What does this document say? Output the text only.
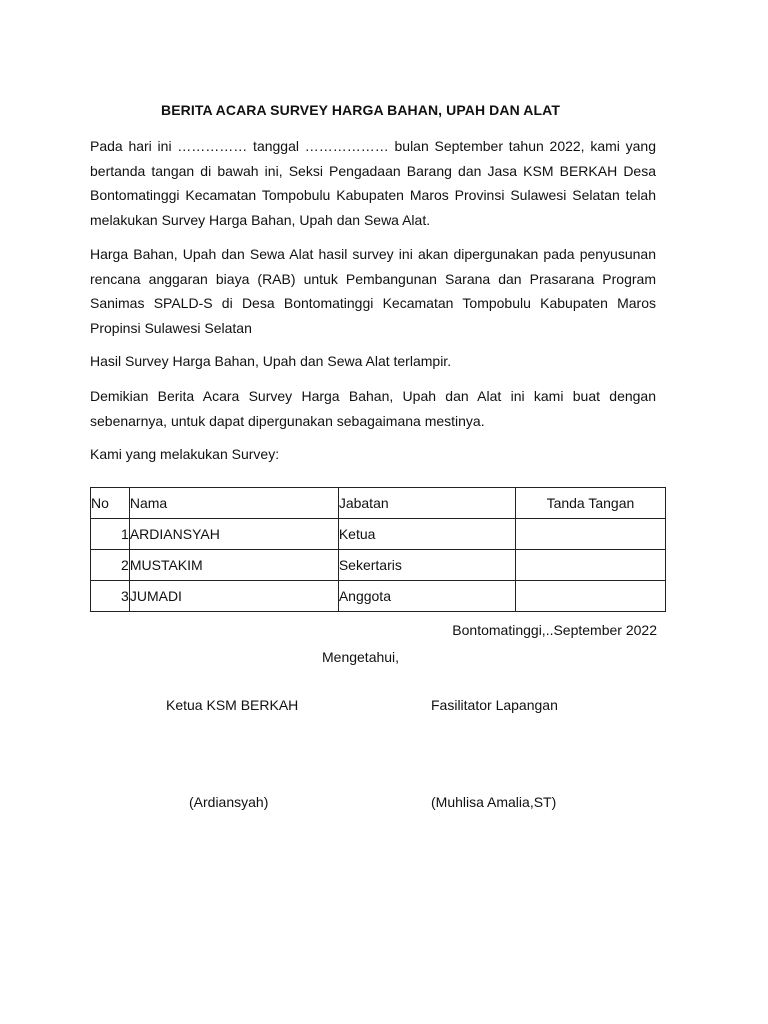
BERITA ACARA SURVEY HARGA BAHAN, UPAH DAN ALAT

Pada hari ini …………… tanggal ……………… bulan September tahun 2022, kami yang bertanda tangan di bawah ini, Seksi Pengadaan Barang dan Jasa KSM BERKAH Desa Bontomatinggi Kecamatan Tompobulu Kabupaten Maros Provinsi Sulawesi Selatan telah melakukan Survey Harga Bahan, Upah dan Sewa Alat.

Harga Bahan, Upah dan Sewa Alat hasil survey ini akan dipergunakan pada penyusunan rencana anggaran biaya (RAB) untuk Pembangunan Sarana dan Prasarana Program Sanimas SPALD-S di Desa Bontomatinggi Kecamatan Tompobulu Kabupaten Maros Propinsi Sulawesi Selatan

Hasil Survey Harga Bahan, Upah dan Sewa Alat terlampir.

Demikian Berita Acara Survey Harga Bahan, Upah dan Alat ini kami buat dengan sebenarnya, untuk dapat dipergunakan sebagaimana mestinya.

Kami yang melakukan Survey:

No	Nama	Jabatan	Tanda Tangan
1	ARDIANSYAH	Ketua	
2	MUSTAKIM	Sekertaris	
3	JUMADI	Anggota	
Bontomatinggi,..September 2022
Mengetahui,
Ketua KSM BERKAH	Fasilitator Lapangan
(Ardiansyah)	(Muhlisa Amalia,ST)
